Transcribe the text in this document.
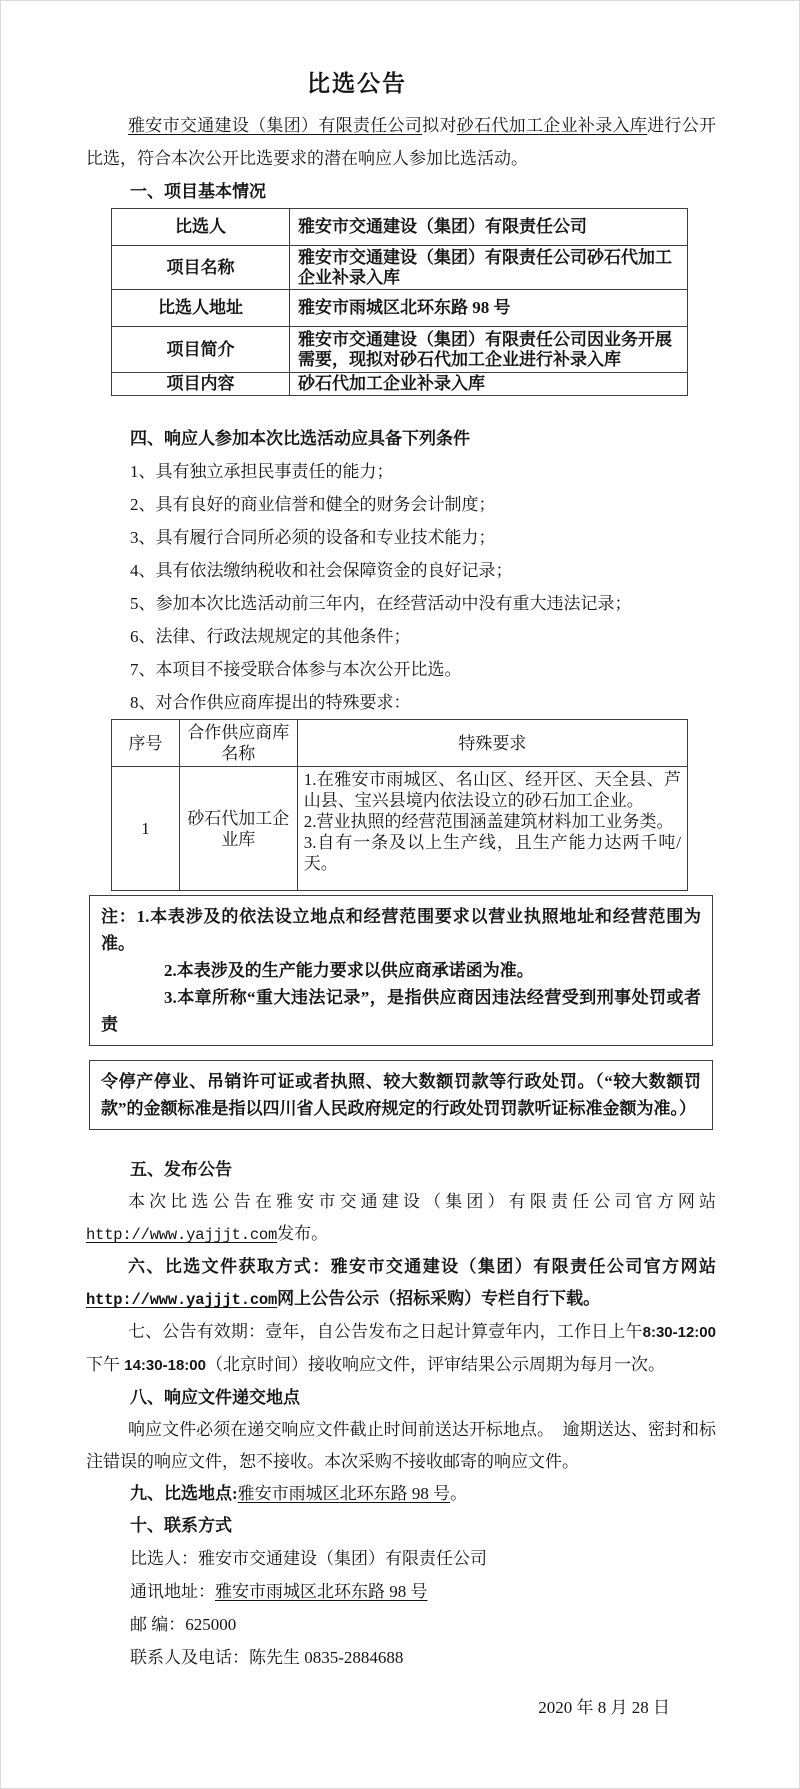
比选公告

雅安市交通建设（集团）有限责任公司拟对砂石代加工企业补录入库进行公开比选，符合本次公开比选要求的潜在响应人参加比选活动。

一、项目基本情况
比选人	雅安市交通建设（集团）有限责任公司
项目名称	雅安市交通建设（集团）有限责任公司砂石代加工企业补录入库
比选人地址	雅安市雨城区北环东路 98 号
项目简介	雅安市交通建设（集团）有限责任公司因业务开展需要，现拟对砂石代加工企业进行补录入库
项目内容	砂石代加工企业补录入库
四、响应人参加本次比选活动应具备下列条件
1、具有独立承担民事责任的能力；
2、具有良好的商业信誉和健全的财务会计制度；
3、具有履行合同所必须的设备和专业技术能力；
4、具有依法缴纳税收和社会保障资金的良好记录；
5、参加本次比选活动前三年内，在经营活动中没有重大违法记录；
6、法律、行政法规规定的其他条件；
7、本项目不接受联合体参与本次公开比选。
8、对合作供应商库提出的特殊要求：
序号	合作供应商库名称	特殊要求
1	砂石代加工企业库	1.在雅安市雨城区、名山区、经开区、天全县、芦山县、宝兴县境内依法设立的砂石加工企业。
2.营业执照的经营范围涵盖建筑材料加工业务类。
3.自有一条及以上生产线，且生产能力达两千吨/天。
注：1.本表涉及的依法设立地点和经营范围要求以营业执照地址和经营范围为准。
2.本表涉及的生产能力要求以供应商承诺函为准。
3.本章所称“重大违法记录”，是指供应商因违法经营受到刑事处罚或者责
令停产停业、吊销许可证或者执照、较大数额罚款等行政处罚。（“较大数额罚款”的金额标准是指以四川省人民政府规定的行政处罚罚款听证标准金额为准。）
五、发布公告

本次比选公告在雅安市交通建设（集团）有限责任公司官方网站http://www.yajjjt.com发布。

六、比选文件获取方式：雅安市交通建设（集团）有限责任公司官方网站http://www.yajjjt.com网上公告公示（招标采购）专栏自行下载。

七、公告有效期：壹年，自公告发布之日起计算壹年内，工作日上午8:30-12:00 下午 14:30-18:00（北京时间）接收响应文件，评审结果公示周期为每月一次。

八、响应文件递交地点

响应文件必须在递交响应文件截止时间前送达开标地点。　逾期送达、密封和标注错误的响应文件，恕不接收。本次采购不接收邮寄的响应文件。

九、比选地点:雅安市雨城区北环东路 98 号。
十、联系方式
比选人：雅安市交通建设（集团）有限责任公司
通讯地址：雅安市雨城区北环东路 98 号
邮 编：625000
联系人及电话：陈先生 0835-2884688
2020 年 8 月 28 日
